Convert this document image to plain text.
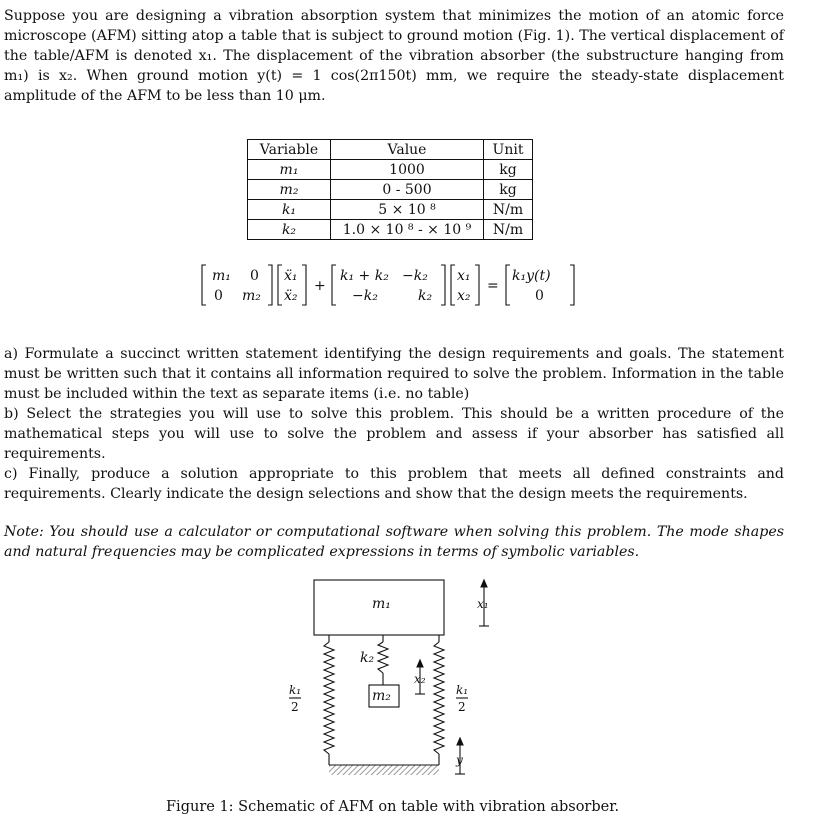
Suppose you are designing a vibration absorption system that minimizes the motion of an atomic force microscope (AFM) sitting atop a table that is subject to ground motion (Fig. 1). The vertical displacement of the table/AFM is denoted x₁. The displacement of the vibration absorber (the substructure hanging from m₁) is x₂. When ground motion y(t) = 1 cos(2π150t) mm, we require the steady-state displacement amplitude of the AFM to be less than 10 μm.
Variable	Value	Unit
m₁	1000	kg
m₂	0 - 500	kg
k₁	5 × 10 ⁸	N/m
k₂	1.0 × 10 ⁸ - × 10 ⁹	N/m
m₁ 0
0 m₂
ẍ₁
ẍ₂
+
k₁ + k₂ −k₂
−k₂	k₂
x₁
x₂
=
k₁y(t)
0
a) Formulate a succinct written statement identifying the design requirements and goals. The statement must be written such that it contains all information required to solve the problem. Information in the table must be included within the text as separate items (i.e. no table)
b) Select the strategies you will use to solve this problem. This should be a written procedure of the mathematical steps you will use to solve the problem and assess if your absorber has satisfied all requirements.
c) Finally, produce a solution appropriate to this problem that meets all defined constraints and requirements. Clearly indicate the design selections and show that the design meets the requirements.
Note: You should use a calculator or computational software when solving this problem. The mode shapes and natural frequencies may be complicated expressions in terms of symbolic variables.
m₁
m₂
k₂
k₁
2
k₁
2
x₁
x₂
y
Figure 1: Schematic of AFM on table with vibration absorber.
